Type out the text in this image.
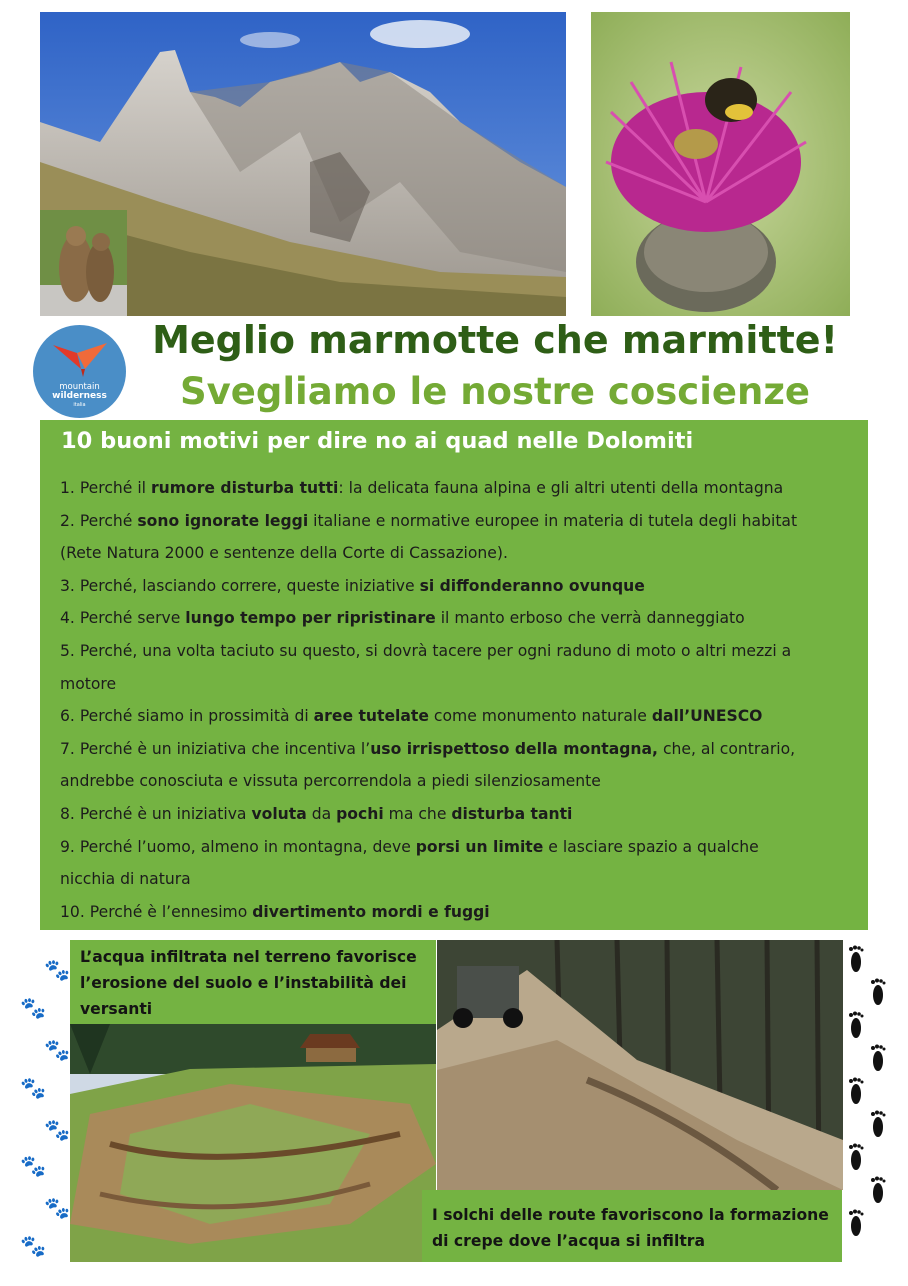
mountain
wilderness
italia
Meglio marmotte che marmitte!
Svegliamo le nostre coscienze
10 buoni motivi per dire no ai quad nelle Dolomiti
1. Perché il rumore disturba tutti: la delicata fauna alpina e gli altri utenti della montagna
2. Perché sono ignorate leggi italiane e normative europee in materia di tutela degli habitat
(Rete Natura 2000 e sentenze della Corte di Cassazione).
3. Perché, lasciando correre, queste iniziative si diffonderanno ovunque
4. Perché serve lungo tempo per ripristinare il manto erboso che verrà danneggiato
5. Perché, una volta taciuto su questo, si dovrà tacere per ogni raduno di moto o altri mezzi a
motore
6. Perché siamo in prossimità di aree tutelate come monumento naturale dall’UNESCO
7. Perché è un iniziativa che incentiva l’uso irrispettoso della montagna, che, al contrario,
andrebbe conosciuta e vissuta percorrendola a piedi silenziosamente
8. Perché è un iniziativa voluta da pochi ma che disturba tanti
9. Perché l’uomo, almeno in montagna, deve porsi un limite e lasciare spazio a qualche
nicchia di natura
10. Perché è l’ennesimo divertimento mordi e fuggi
L’acqua infiltrata nel terreno favorisce l’erosione del suolo e l’instabilità dei versanti
I solchi delle route favoriscono la formazione di crepe dove l’acqua si infiltra
🐾
🐾
🐾
🐾
🐾
🐾
🐾
🐾
